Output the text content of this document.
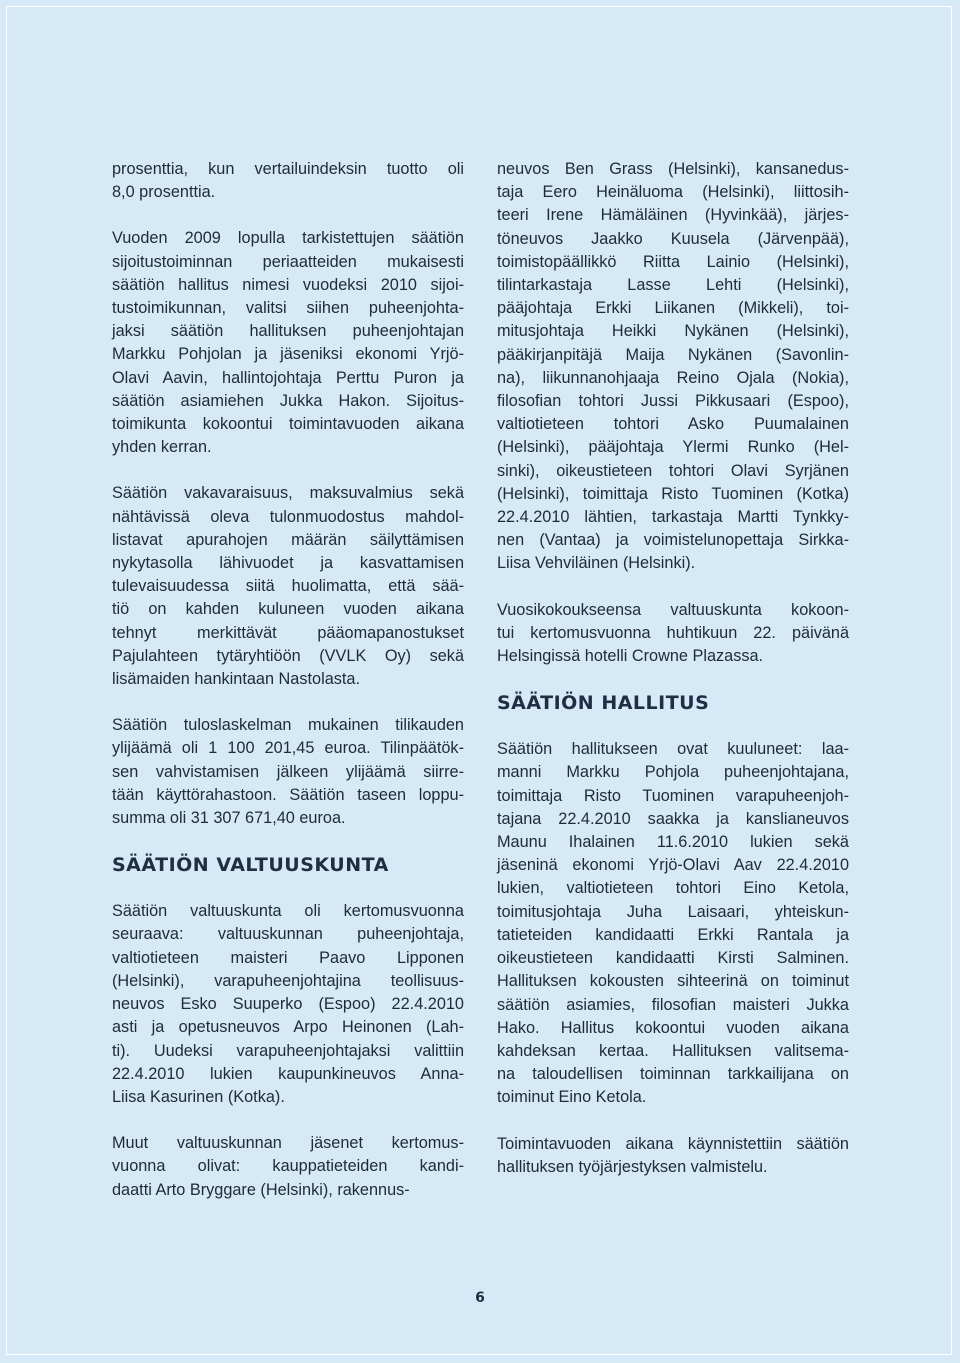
prosenttia, kun vertailuindeksin tuotto oli
8,0 prosenttia.
Vuoden 2009 lopulla tarkistettujen säätiön
sijoitustoiminnan periaatteiden mukaisesti
säätiön hallitus nimesi vuodeksi 2010 sijoi-
tustoimikunnan, valitsi siihen puheenjohta-
jaksi säätiön hallituksen puheenjohtajan
Markku Pohjolan ja jäseniksi ekonomi Yrjö-
Olavi Aavin, hallintojohtaja Perttu Puron ja
säätiön asiamiehen Jukka Hakon. Sijoitus-
toimikunta kokoontui toimintavuoden aikana
yhden kerran.
Säätiön vakavaraisuus, maksuvalmius sekä
nähtävissä oleva tulonmuodostus mahdol-
listavat apurahojen määrän säilyttämisen
nykytasolla lähivuodet ja kasvattamisen
tulevaisuudessa siitä huolimatta, että sää-
tiö on kahden kuluneen vuoden aikana
tehnyt merkittävät pääomapanostukset
Pajulahteen tytäryhtiöön (VVLK Oy) sekä
lisämaiden hankintaan Nastolasta.
Säätiön tuloslaskelman mukainen tilikauden
ylijäämä oli 1 100 201,45 euroa. Tilinpäätök-
sen vahvistamisen jälkeen ylijäämä siirre-
tään käyttörahastoon. Säätiön taseen loppu-
summa oli 31 307 671,40 euroa.
SÄÄTIÖN VALTUUSKUNTA
Säätiön valtuuskunta oli kertomusvuonna
seuraava: valtuuskunnan puheenjohtaja,
valtiotieteen maisteri Paavo Lipponen
(Helsinki), varapuheenjohtajina teollisuus-
neuvos Esko Suuperko (Espoo) 22.4.2010
asti ja opetusneuvos Arpo Heinonen (Lah-
ti). Uudeksi varapuheenjohtajaksi valittiin
22.4.2010 lukien kaupunkineuvos Anna-
Liisa Kasurinen (Kotka).
Muut valtuuskunnan jäsenet kertomus-
vuonna olivat: kauppatieteiden kandi-
daatti Arto Bryggare (Helsinki), rakennus-
neuvos Ben Grass (Helsinki), kansanedus-
taja Eero Heinäluoma (Helsinki), liittosih-
teeri Irene Hämäläinen (Hyvinkää), järjes-
töneuvos Jaakko Kuusela (Järvenpää),
toimistopäällikkö Riitta Lainio (Helsinki),
tilintarkastaja Lasse Lehti (Helsinki),
pääjohtaja Erkki Liikanen (Mikkeli), toi-
mitusjohtaja Heikki Nykänen (Helsinki),
pääkirjanpitäjä Maija Nykänen (Savonlin-
na), liikunnanohjaaja Reino Ojala (Nokia),
filosofian tohtori Jussi Pikkusaari (Espoo),
valtiotieteen tohtori Asko Puumalainen
(Helsinki), pääjohtaja Ylermi Runko (Hel-
sinki), oikeustieteen tohtori Olavi Syrjänen
(Helsinki), toimittaja Risto Tuominen (Kotka)
22.4.2010 lähtien, tarkastaja Martti Tynkky-
nen (Vantaa) ja voimistelunopettaja Sirkka-
Liisa Vehviläinen (Helsinki).
Vuosikokoukseensa valtuuskunta kokoon-
tui kertomusvuonna huhtikuun 22. päivänä
Helsingissä hotelli Crowne Plazassa.
SÄÄTIÖN HALLITUS
Säätiön hallitukseen ovat kuuluneet: laa-
manni Markku Pohjola puheenjohtajana,
toimittaja Risto Tuominen varapuheenjoh-
tajana 22.4.2010 saakka ja kanslianeuvos
Maunu Ihalainen 11.6.2010 lukien sekä
jäseninä ekonomi Yrjö-Olavi Aav 22.4.2010
lukien, valtiotieteen tohtori Eino Ketola,
toimitusjohtaja Juha Laisaari, yhteiskun-
tatieteiden kandidaatti Erkki Rantala ja
oikeustieteen kandidaatti Kirsti Salminen.
Hallituksen kokousten sihteerinä on toiminut
säätiön asiamies, filosofian maisteri Jukka
Hako. Hallitus kokoontui vuoden aikana
kahdeksan kertaa. Hallituksen valitsema-
na taloudellisen toiminnan tarkkailijana on
toiminut Eino Ketola.
Toimintavuoden aikana käynnistettiin säätiön
hallituksen työjärjestyksen valmistelu.
6
